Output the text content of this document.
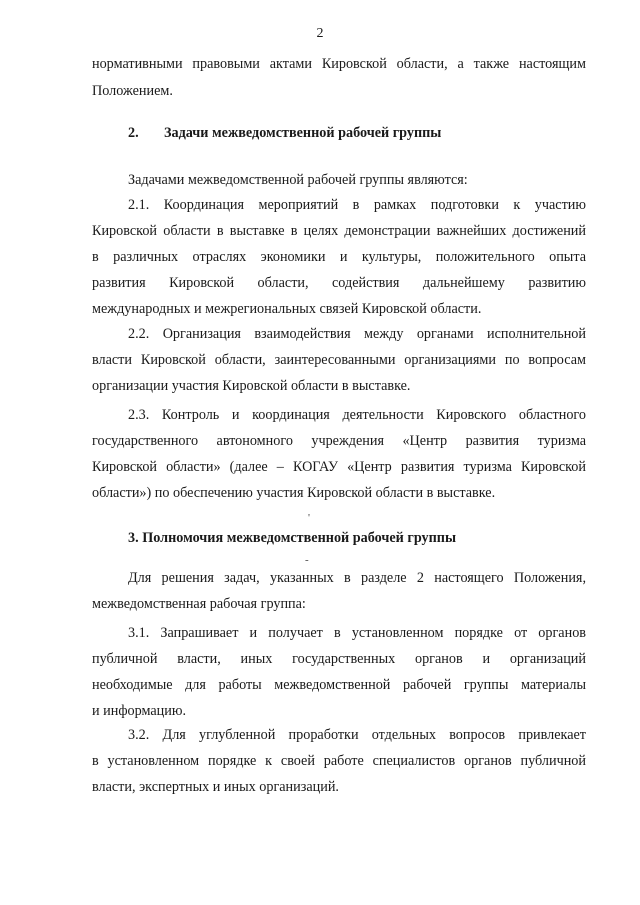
2
нормативными правовыми актами Кировской области, а также настоящим
Положением.
2. Задачи межведомственной рабочей группы
Задачами межведомственной рабочей группы являются:
2.1. Координация мероприятий в рамках подготовки к участию
Кировской области в выставке в целях демонстрации важнейших достижений
в различных отраслях экономики и культуры, положительного опыта
развития Кировской области, содействия дальнейшему развитию
международных и межрегиональных связей Кировской области.
2.2. Организация взаимодействия между органами исполнительной
власти Кировской области, заинтересованными организациями по вопросам
организации участия Кировской области в выставке.
2.3. Контроль и координация деятельности Кировского областного
государственного автономного учреждения «Центр развития туризма
Кировской области» (далее – КОГАУ «Центр развития туризма Кировской
области») по обеспечению участия Кировской области в выставке.
'
3. Полномочия межведомственной рабочей группы
-
Для решения задач, указанных в разделе 2 настоящего Положения,
межведомственная рабочая группа:
3.1. Запрашивает и получает в установленном порядке от органов
публичной власти, иных государственных органов и организаций
необходимые для работы межведомственной рабочей группы материалы
и информацию.
3.2. Для углубленной проработки отдельных вопросов привлекает
в установленном порядке к своей работе специалистов органов публичной
власти, экспертных и иных организаций.
